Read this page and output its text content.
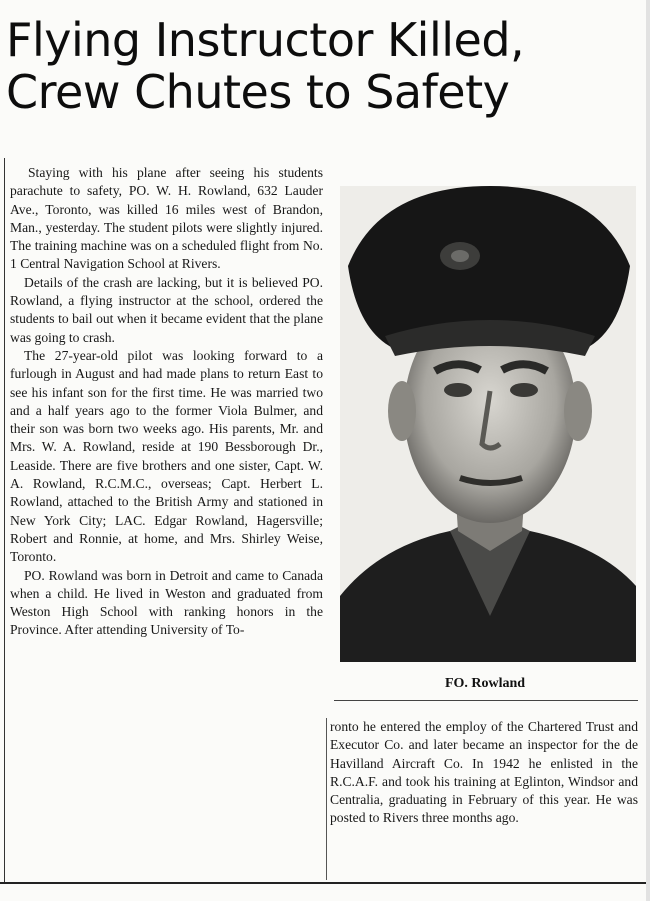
Flying Instructor Killed,
Crew Chutes to Safety

Staying with his plane after seeing his students parachute to safety, PO. W. H. Rowland, 632 Lauder Ave., Toronto, was killed 16 miles west of Brandon, Man., yesterday. The student pilots were slightly injured. The training machine was on a scheduled flight from No. 1 Central Navigation School at Rivers.

Details of the crash are lacking, but it is believed PO. Rowland, a flying instructor at the school, ordered the students to bail out when it became evident that the plane was going to crash.

The 27-year-old pilot was looking forward to a furlough in August and had made plans to return East to see his infant son for the first time. He was married two and a half years ago to the former Viola Bulmer, and their son was born two weeks ago. His parents, Mr. and Mrs. W. A. Rowland, reside at 190 Bessborough Dr., Leaside. There are five brothers and one sister, Capt. W. A. Rowland, R.C.M.C., overseas; Capt. Herbert L. Rowland, attached to the British Army and stationed in New York City; LAC. Edgar Rowland, Hagersville; Robert and Ronnie, at home, and Mrs. Shirley Weise, Toronto.

PO. Rowland was born in Detroit and came to Canada when a child. He lived in Weston and graduated from Weston High School with ranking honors in the Province. After attending University of To-

FO. Rowland

ronto he entered the employ of the Chartered Trust and Executor Co. and later became an inspector for the de Havilland Aircraft Co. In 1942 he enlisted in the R.C.A.F. and took his training at Eglinton, Windsor and Centralia, graduating in February of this year. He was posted to Rivers three months ago.
